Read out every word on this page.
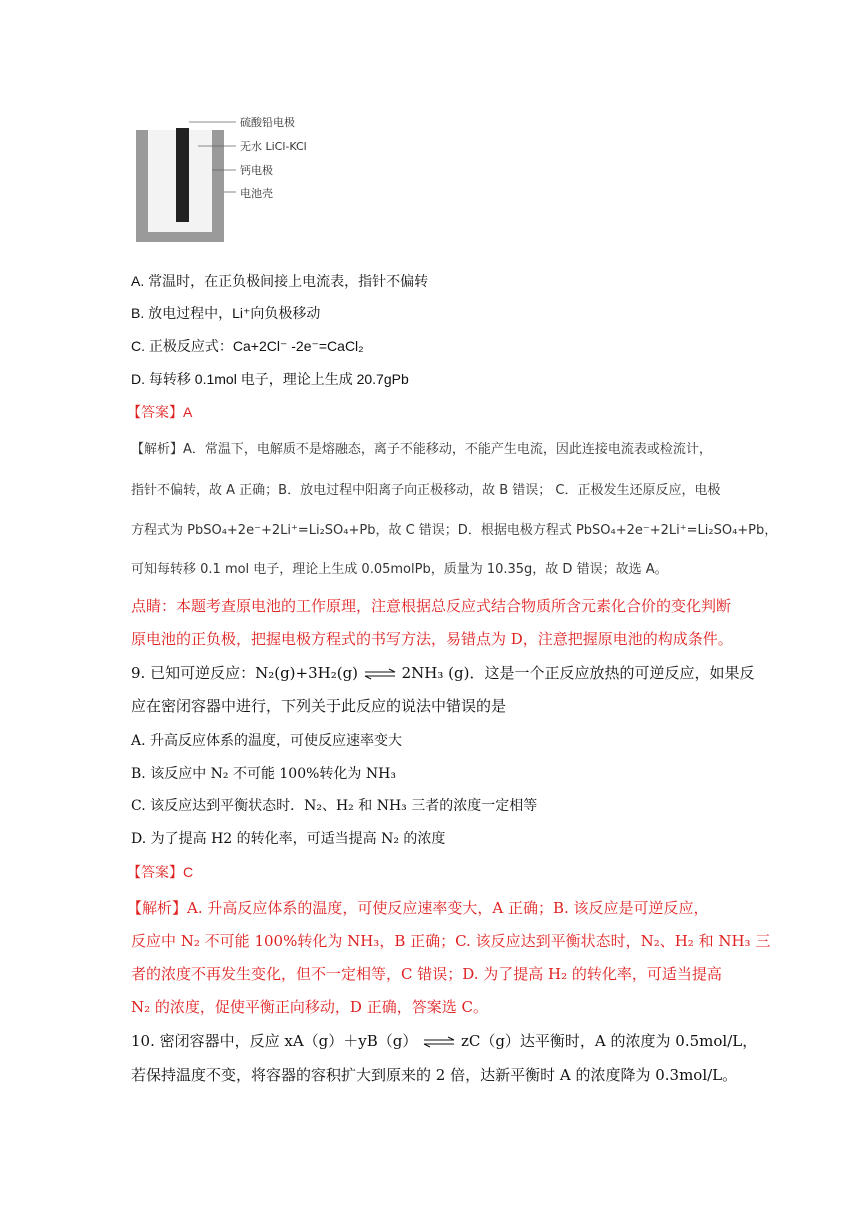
硫酸铅电极
无水 LiCl-KCl
钙电极
电池壳
A. 常温时，在正负极间接上电流表，指针不偏转
B. 放电过程中，Li⁺向负极移动
C. 正极反应式：Ca+2Cl⁻ -2e⁻=CaCl₂
D. 每转移 0.1mol 电子，理论上生成 20.7gPb
【答案】A
【解析】A．常温下，电解质不是熔融态，离子不能移动，不能产生电流，因此连接电流表或检流计，
指针不偏转，故 A 正确；B．放电过程中阳离子向正极移动，故 B 错误； C．正极发生还原反应，电极
方程式为 PbSO₄+2e⁻+2Li⁺=Li₂SO₄+Pb，故 C 错误；D．根据电极方程式 PbSO₄+2e⁻+2Li⁺=Li₂SO₄+Pb，
可知每转移 0.1 mol 电子，理论上生成 0.05molPb，质量为 10.35g，故 D 错误；故选 A。
点睛：本题考查原电池的工作原理，注意根据总反应式结合物质所含元素化合价的变化判断
原电池的正负极，把握电极方程式的书写方法，易错点为 D，注意把握原电池的构成条件。
9. 已知可逆反应：N₂(g)+3H₂(g) ⇌ 2NH₃ (g)．这是一个正反应放热的可逆反应，如果反
应在密闭容器中进行，下列关于此反应的说法中错误的是
A. 升高反应体系的温度，可使反应速率变大
B. 该反应中 N₂ 不可能 100%转化为 NH₃
C. 该反应达到平衡状态时．N₂、H₂ 和 NH₃ 三者的浓度一定相等
D. 为了提高 H2 的转化率，可适当提高 N₂ 的浓度
【答案】C
【解析】A. 升高反应体系的温度，可使反应速率变大，A 正确；B. 该反应是可逆反应，
反应中 N₂ 不可能 100%转化为 NH₃，B 正确；C. 该反应达到平衡状态时，N₂、H₂ 和 NH₃ 三
者的浓度不再发生变化，但不一定相等，C 错误；D. 为了提高 H₂ 的转化率，可适当提高
N₂ 的浓度，促使平衡正向移动，D 正确，答案选 C。
10. 密闭容器中，反应 xA（g）＋yB（g） ⇌ zC（g）达平衡时，A 的浓度为 0.5mol/L，
若保持温度不变，将容器的容积扩大到原来的 2 倍，达新平衡时 A 的浓度降为 0.3mol/L。
